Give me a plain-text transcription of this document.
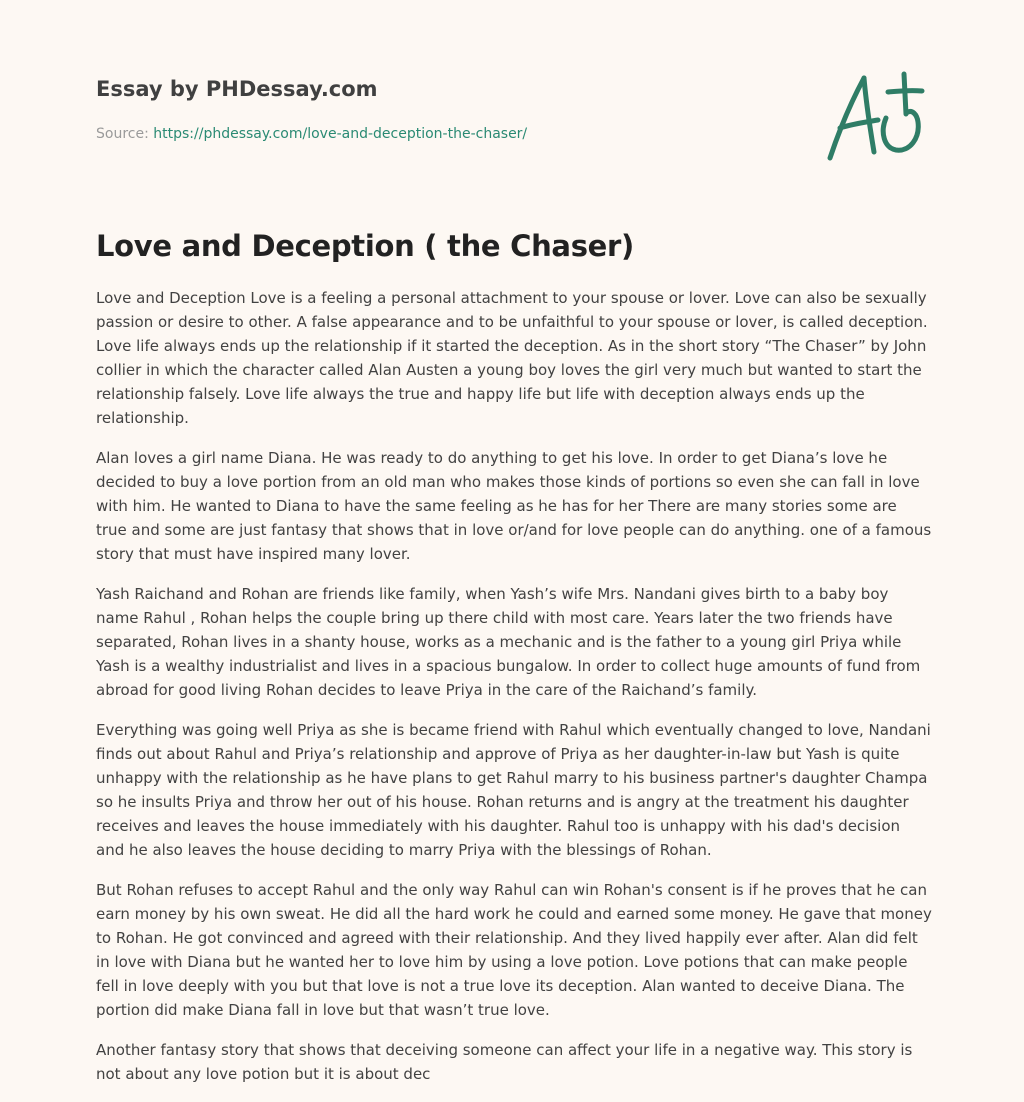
Essay by PHDessay.com
Source: https://phdessay.com/love-and-deception-the-chaser/
Love and Deception ( the Chaser)

Love and Deception Love is a feeling a personal attachment to your spouse or lover. Love can also be sexually passion or desire to other. A false appearance and to be unfaithful to your spouse or lover, is called deception. Love life always ends up the relationship if it started the deception. As in the short story “The Chaser” by John collier in which the character called Alan Austen a young boy loves the girl very much but wanted to start the relationship falsely. Love life always the true and happy life but life with deception always ends up the relationship.

Alan loves a girl name Diana. He was ready to do anything to get his love. In order to get Diana’s love he decided to buy a love portion from an old man who makes those kinds of portions so even she can fall in love with him. He wanted to Diana to have the same feeling as he has for her There are many stories some are true and some are just fantasy that shows that in love or/and for love people can do anything. one of a famous story that must have inspired many lover.

Yash Raichand and Rohan are friends like family, when Yash’s wife Mrs. Nandani gives birth to a baby boy name Rahul , Rohan helps the couple bring up there child with most care. Years later the two friends have separated, Rohan lives in a shanty house, works as a mechanic and is the father to a young girl Priya while Yash is a wealthy industrialist and lives in a spacious bungalow. In order to collect huge amounts of fund from abroad for good living Rohan decides to leave Priya in the care of the Raichand’s family.

Everything was going well Priya as she is became friend with Rahul which eventually changed to love, Nandani finds out about Rahul and Priya’s relationship and approve of Priya as her daughter-in-law but Yash is quite unhappy with the relationship as he have plans to get Rahul marry to his business partner's daughter Champa so he insults Priya and throw her out of his house. Rohan returns and is angry at the treatment his daughter receives and leaves the house immediately with his daughter. Rahul too is unhappy with his dad's decision and he also leaves the house deciding to marry Priya with the blessings of Rohan.

But Rohan refuses to accept Rahul and the only way Rahul can win Rohan's consent is if he proves that he can earn money by his own sweat. He did all the hard work he could and earned some money. He gave that money to Rohan. He got convinced and agreed with their relationship. And they lived happily ever after. Alan did felt in love with Diana but he wanted her to love him by using a love potion. Love potions that can make people fell in love deeply with you but that love is not a true love its deception. Alan wanted to deceive Diana. The portion did make Diana fall in love but that wasn’t true love.

Another fantasy story that shows that deceiving someone can affect your life in a negative way. This story is not about any love potion but it is about dec
